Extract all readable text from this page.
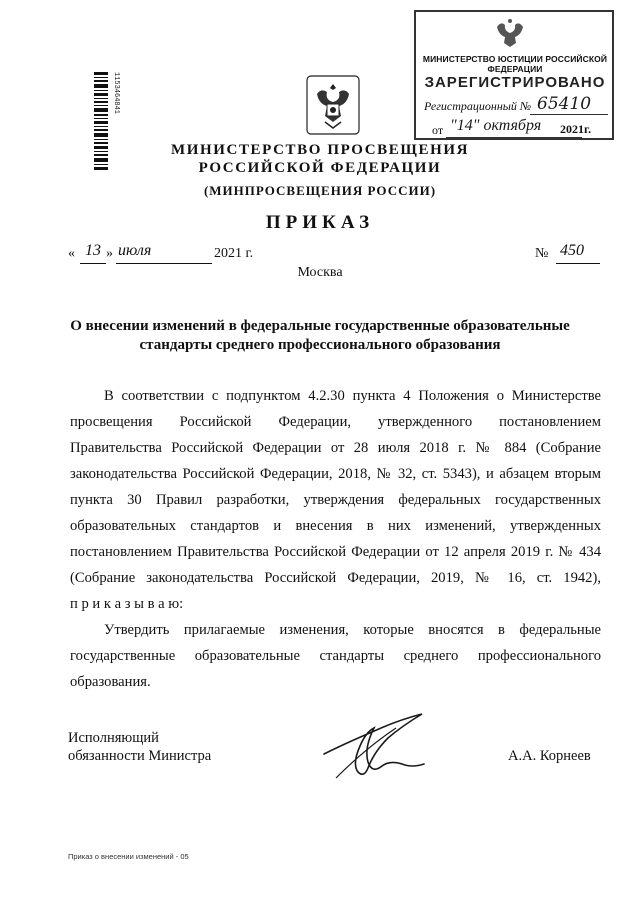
1153464841
МИНИСТЕРСТВО ЮСТИЦИИ РОССИЙСКОЙ ФЕДЕРАЦИИ
ЗАРЕГИСТРИРОВАНО
Регистрационный № 65410
от "14" октября	2021г.
МИНИСТЕРСТВО ПРОСВЕЩЕНИЯ
РОССИЙСКОЙ ФЕДЕРАЦИИ
(МИНПРОСВЕЩЕНИЯ РОССИИ)
ПРИКАЗ
« 13 » июля	2021 г.	№ 450
Москва
О внесении изменений в федеральные государственные образовательные
стандарты среднего профессионального образования
В соответствии с подпунктом 4.2.30 пункта 4 Положения о Министерстве
просвещения Российской Федерации, утвержденного постановлением
Правительства Российской Федерации от 28 июля 2018 г. № 884 (Собрание
законодательства Российской Федерации, 2018, № 32, ст. 5343), и абзацем вторым
пункта 30 Правил разработки, утверждения федеральных государственных
образовательных стандартов и внесения в них изменений, утвержденных
постановлением Правительства Российской Федерации от 12 апреля 2019 г. № 434
(Собрание законодательства Российской Федерации, 2019, № 16, ст. 1942),
п р и к а з ы в а ю:
Утвердить прилагаемые изменения, которые вносятся в федеральные
государственные образовательные стандарты среднего профессионального
образования.
Исполняющий
обязанности Министра	А.А. Корнеев
Приказ о внесении изменений - 05
